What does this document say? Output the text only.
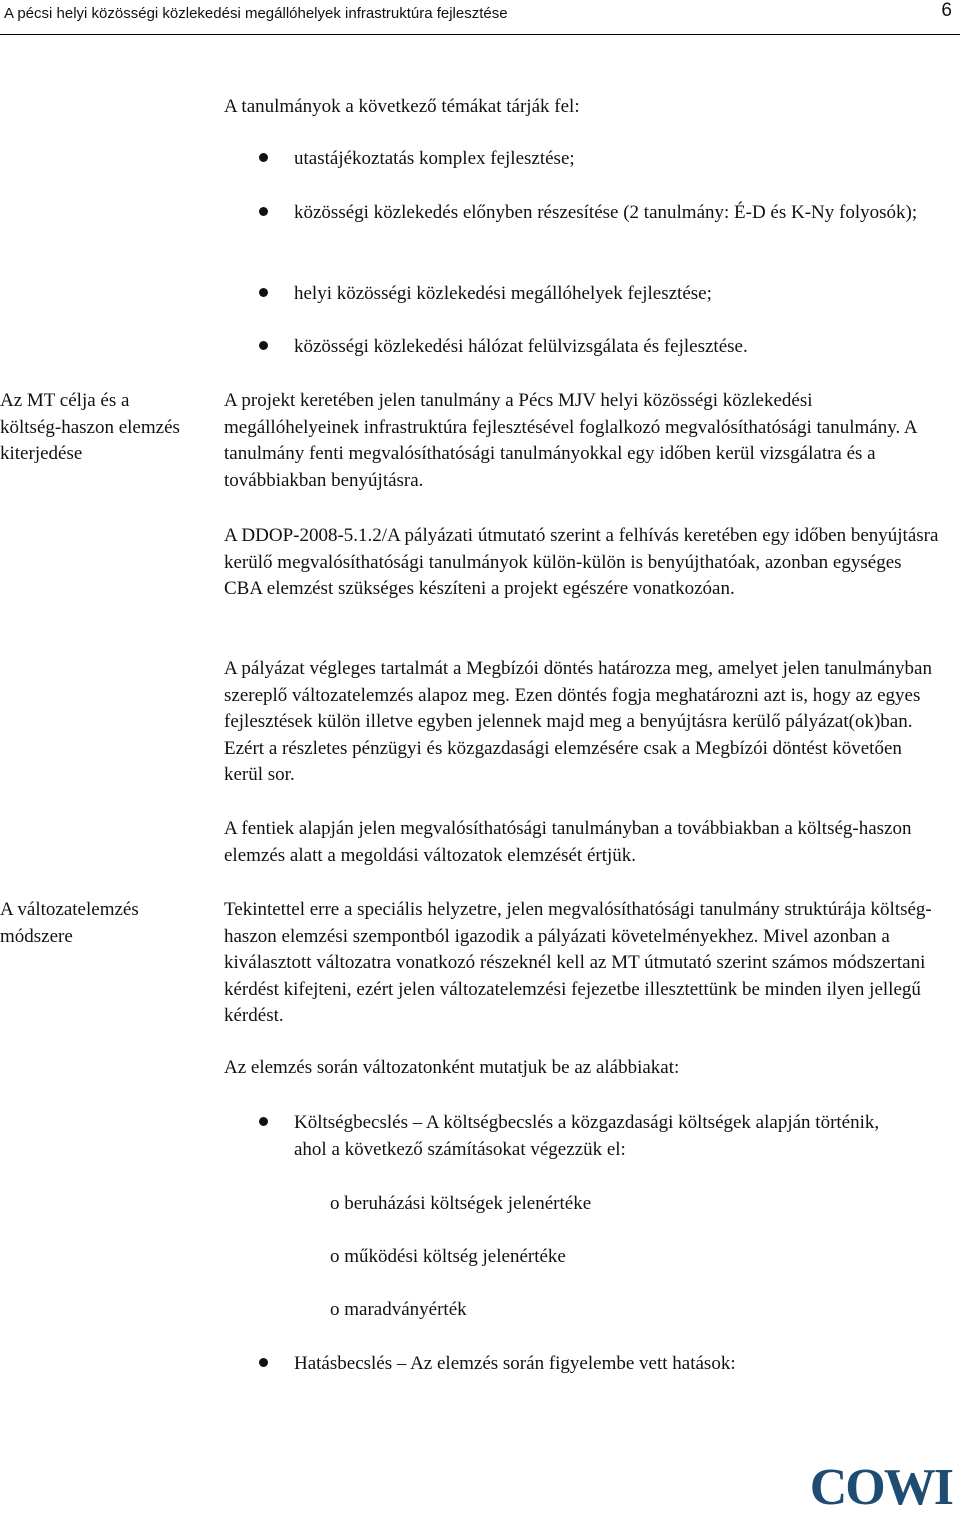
A pécsi helyi közösségi közlekedési megállóhelyek infrastruktúra fejlesztése	6
A tanulmányok a következő témákat tárják fel:
utastájékoztatás komplex fejlesztése;
közösségi közlekedés előnyben részesítése (2 tanulmány: É-D és K-Ny folyosók);
helyi közösségi közlekedési megállóhelyek fejlesztése;
közösségi közlekedési hálózat felülvizsgálata és fejlesztése.
Az MT célja és a költség-haszon elemzés kiterjedése
A projekt keretében jelen tanulmány a Pécs MJV helyi közösségi közlekedési megállóhelyeinek infrastruktúra fejlesztésével foglalkozó megvalósíthatósági tanulmány. A tanulmány fenti megvalósíthatósági tanulmányokkal egy időben kerül vizsgálatra és a továbbiakban benyújtásra.
A DDOP-2008-5.1.2/A pályázati útmutató szerint a felhívás keretében egy időben benyújtásra kerülő megvalósíthatósági tanulmányok külön-külön is benyújthatóak, azonban egységes CBA elemzést szükséges készíteni a projekt egészére vonatkozóan.
A pályázat végleges tartalmát a Megbízói döntés határozza meg, amelyet jelen tanulmányban szereplő változatelemzés alapoz meg. Ezen döntés fogja meghatározni azt is, hogy az egyes fejlesztések külön illetve egyben jelennek majd meg a benyújtásra kerülő pályázat(ok)ban. Ezért a részletes pénzügyi és közgazdasági elemzésére csak a Megbízói döntést követően kerül sor.
A fentiek alapján jelen megvalósíthatósági tanulmányban a továbbiakban a költség-haszon elemzés alatt a megoldási változatok elemzését értjük.
A változatelemzés módszere
Tekintettel erre a speciális helyzetre, jelen megvalósíthatósági tanulmány struktúrája költség-haszon elemzési szempontból igazodik a pályázati követelményekhez. Mivel azonban a kiválasztott változatra vonatkozó részeknél kell az MT útmutató szerint számos módszertani kérdést kifejteni, ezért jelen változatelemzési fejezetbe illesztettünk be minden ilyen jellegű kérdést.
Az elemzés során változatonként mutatjuk be az alábbiakat:
Költségbecslés – A költségbecslés a közgazdasági költségek alapján történik, ahol a következő számításokat végezzük el:
o beruházási költségek jelenértéke
o működési költség jelenértéke
o maradványérték
Hatásbecslés – Az elemzés során figyelembe vett hatások:
COWI
